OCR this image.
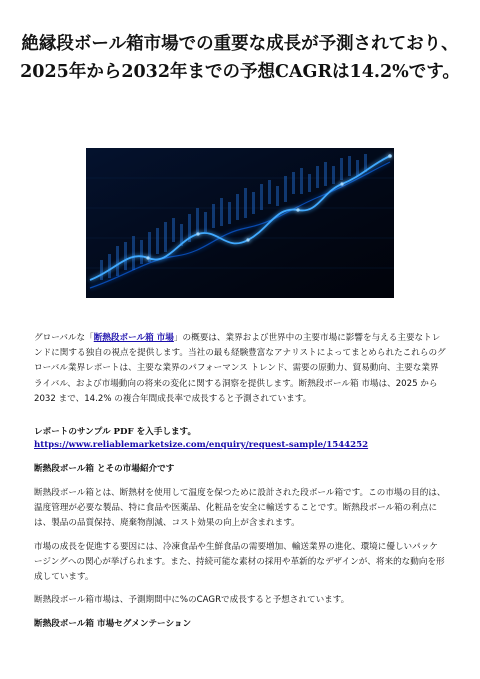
絶縁段ボール箱市場での重要な成長が予測されており、2025年から2032年までの予想CAGRは14.2%です。

グローバルな「断熱段ボール箱 市場」の概要は、業界および世界中の主要市場に影響を与える主要なトレンドに関する独自の視点を提供します。当社の最も経験豊富なアナリストによってまとめられたこれらのグローバル業界レポートは、主要な業界のパフォーマンス トレンド、需要の原動力、貿易動向、主要な業界ライバル、および市場動向の将来の変化に関する洞察を提供します。断熱段ボール箱 市場は、2025 から 2032 まで、14.2% の複合年間成長率で成長すると予測されています。

レポートのサンプル PDF を入手します。 https://www.reliablemarketsize.com/enquiry/request-sample/1544252

断熱段ボール箱 とその市場紹介です

断熱段ボール箱とは、断熱材を使用して温度を保つために設計された段ボール箱です。この市場の目的は、温度管理が必要な製品、特に食品や医薬品、化粧品を安全に輸送することです。断熱段ボール箱の利点には、製品の品質保持、廃棄物削減、コスト効果の向上が含まれます。

市場の成長を促進する要因には、冷凍食品や生鮮食品の需要増加、輸送業界の進化、環境に優しいパッケージングへの関心が挙げられます。また、持続可能な素材の採用や革新的なデザインが、将来的な動向を形成しています。

断熱段ボール箱市場は、予測期間中に%のCAGRで成長すると予想されています。

断熱段ボール箱 市場セグメンテーション
